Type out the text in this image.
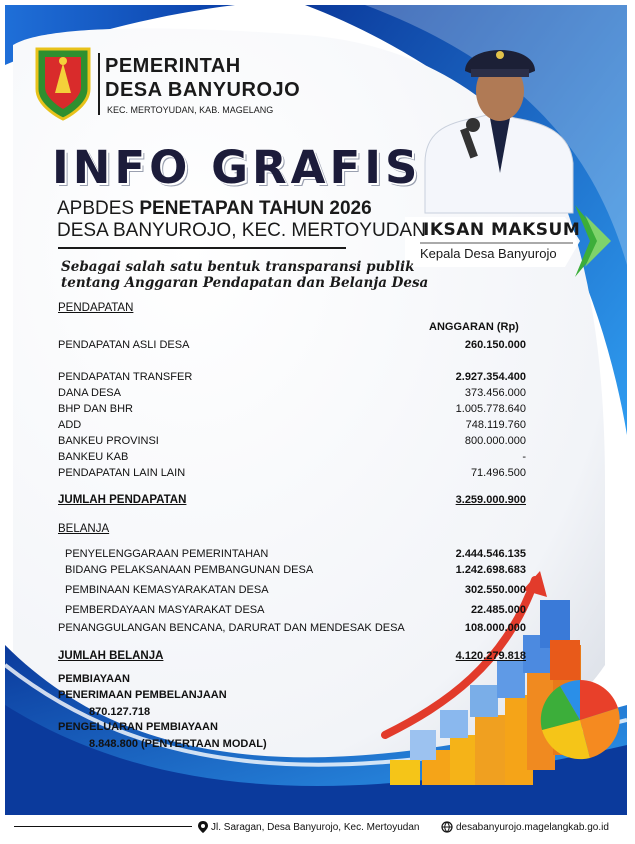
PEMERINTAH
DESA BANYUROJO
KEC. MERTOYUDAN, KAB. MAGELANG
INFO GRAFIS
APBDES PENETAPAN TAHUN 2026
DESA BANYUROJO, KEC. MERTOYUDAN
Sebagai salah satu bentuk transparansi publik
tentang Anggaran Pendapatan dan Belanja Desa
IKSAN MAKSUM
Kepala Desa Banyurojo
PENDAPATAN
ANGGARAN (Rp)
PENDAPATAN ASLI DESA	260.150.000
PENDAPATAN TRANSFER	2.927.354.400
DANA DESA	373.456.000
BHP DAN BHR	1.005.778.640
ADD	748.119.760
BANKEU PROVINSI	800.000.000
BANKEU KAB	-
PENDAPATAN LAIN LAIN	71.496.500
JUMLAH PENDAPATAN	3.259.000.900
BELANJA
PENYELENGGARAAN PEMERINTAHAN	2.444.546.135
BIDANG PELAKSANAAN PEMBANGUNAN DESA	1.242.698.683
PEMBINAAN KEMASYARAKATAN DESA	302.550.000
PEMBERDAYAAN MASYARAKAT DESA	22.485.000
PENANGGULANGAN BENCANA, DARURAT DAN MENDESAK DESA	108.000.000
JUMLAH BELANJA	4.120.279.818
PEMBIAYAAN
PENERIMAAN PEMBELANJAAN
870.127.718
PENGELUARAN PEMBIAYAAN
8.848.800 (PENYERTAAN MODAL)
Jl. Saragan, Desa Banyurojo, Kec. Mertoyudan	desabanyurojo.magelangkab.go.id
